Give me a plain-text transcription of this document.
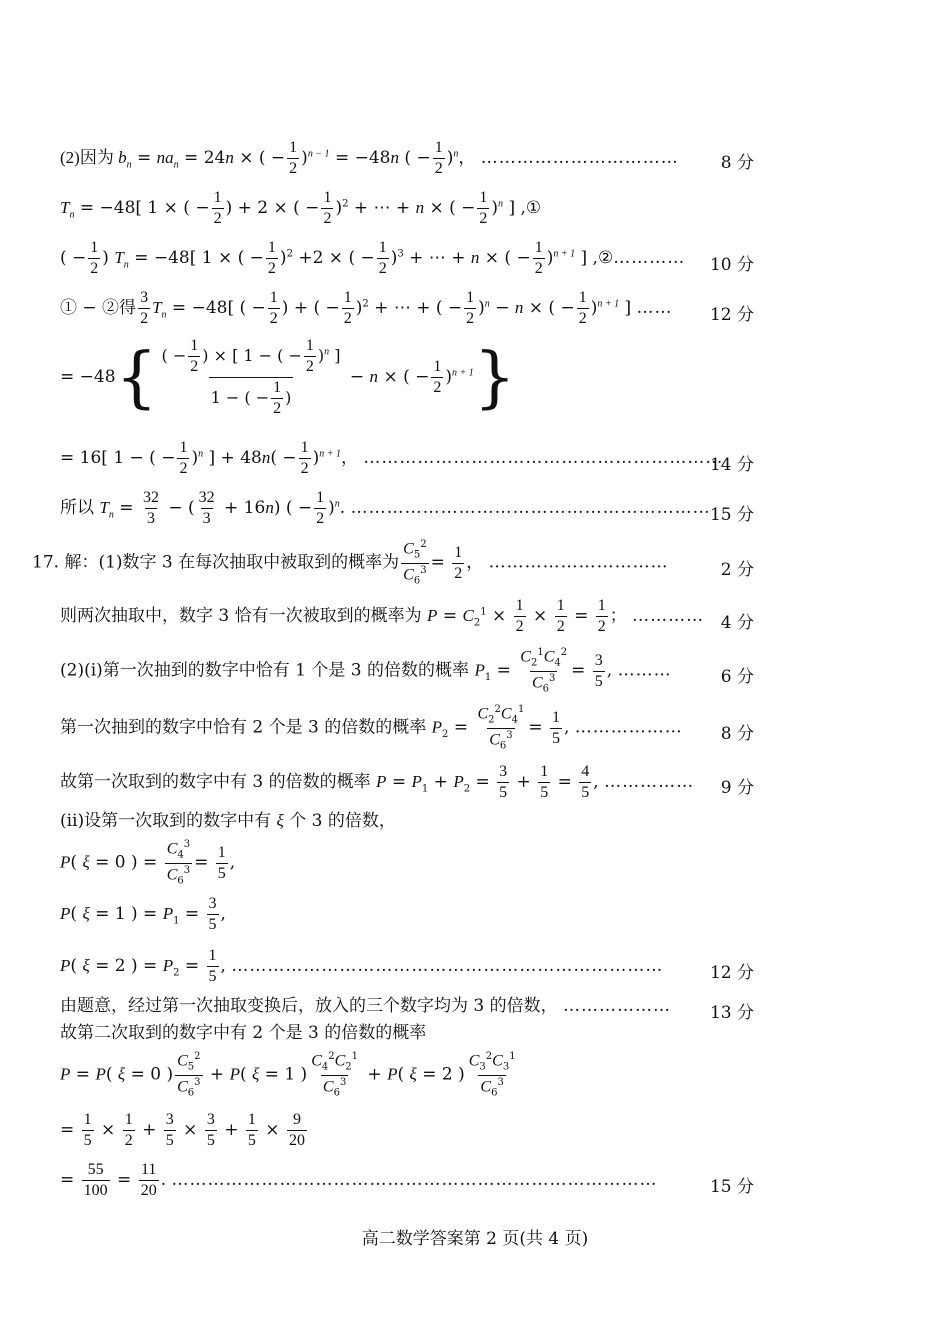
(2)因为 $b_n = na_n = 24n$ × ( − $\frac{1}{2} )^{n - 1} = -48n$ ( − $\frac{1}{2} )^n$， …………………………… 8 分
$T_n = -48$[ 1 × ( − $\frac{1}{2}$ ) + 2 × ( − $\frac{1}{2} )^2$ + ⋯ + n × ( − $\frac{1}{2} )^n$ ] ,①
( − $\frac{1}{2}$ ) $T_n = -48$[ 1 × ( − $\frac{1}{2} )^2 +2$ × ( − $\frac{1}{2} )^3$ + ⋯ + n × ( − $\frac{1}{2} )^{n + 1}$ ] ,②………… 10 分
① − ②得 $\frac{3}{2} T_n = -48$[ ( − $\frac{1}{2}$ ) + ( − $\frac{1}{2} )^2$ + ⋯ + ( − $\frac{1}{2} )^n - n$ × ( − $\frac{1}{2} )^{n + 1}$ ] …… 12 分
= $-48\{ \frac{( - \frac{1}{2} ) \times [ 1 - ( - \frac{1}{2} )^n ]}{1 - ( - \frac{1}{2} )} - n$ × ( − $\frac{1}{2} )^{n + 1}$}
= 16[ 1 − ( − $\frac{1}{2} )^n$ ] + $48n( - \frac{1}{2} )^{n + 1}$， ……………………………………………………
14 分
所以 $T_n = \frac{32}{3}$ − ( $\frac{32}{3} + 16n$) ( − $\frac{1}{2} )^n$. …………………………………………………… 15 分
17. 解：(1)数字 3 在每次抽取中被取到的概率为 $\frac{C_5^2}{C_6^3} = \frac{1}{2}$ ， …………………………	2 分
则两次抽取中，数字 3 恰有一次被取到的概率为 $P = C_2^1 \times \frac{1}{2} \times \frac{1}{2} = \frac{1}{2}$ ； ………… 4 分
(2)(ⅰ)第一次抽到的数字中恰有 1 个是 3 的倍数的概率 $P_1 = \frac{C_2^1C_4^2}{C_6^3} = \frac{3}{5}$ , ………	6 分
第一次抽到的数字中恰有 2 个是 3 的倍数的概率 $P_2 = \frac{C_2^2C_4^1}{C_6^3} = \frac{1}{5}$ , ……………… 8 分
故第一次取到的数字中有 3 的倍数的概率 $P = P_1 + P_2 = \frac{3}{5} + \frac{1}{5} = \frac{4}{5}$ , …………… 9 分
(ⅱ)设第一次取到的数字中有 ξ 个 3 的倍数，
P( ξ = 0 ) = $\frac{C_4^3}{C_6^3} = \frac{1}{5}$ ,
P( ξ = 1 ) = $P_1 = \frac{3}{5}$ ,
P( ξ = 2 ) = $P_2 = \frac{1}{5}$ , ………………………………………………………………	12 分
由题意，经过第一次抽取变换后，放入的三个数字均为 3 的倍数， ……………… 13 分
故第二次取到的数字中有 2 个是 3 的倍数的概率
P = P( ξ = 0 ) $\frac{C_5^2}{C_6^3} + P$( ξ = 1 ) $\frac{C_4^2C_2^1}{C_6^3} + P$( ξ = 2 ) $\frac{C_3^2C_3^1}{C_6^3}$
= $\frac{1}{5} \times \frac{1}{2} + \frac{3}{5} \times \frac{3}{5} + \frac{1}{5} \times \frac{9}{20}$
= $\frac{55}{100} = \frac{11}{20}$ . ………………………………………………………………………	15 分
高二数学答案第 2 页(共 4 页)
